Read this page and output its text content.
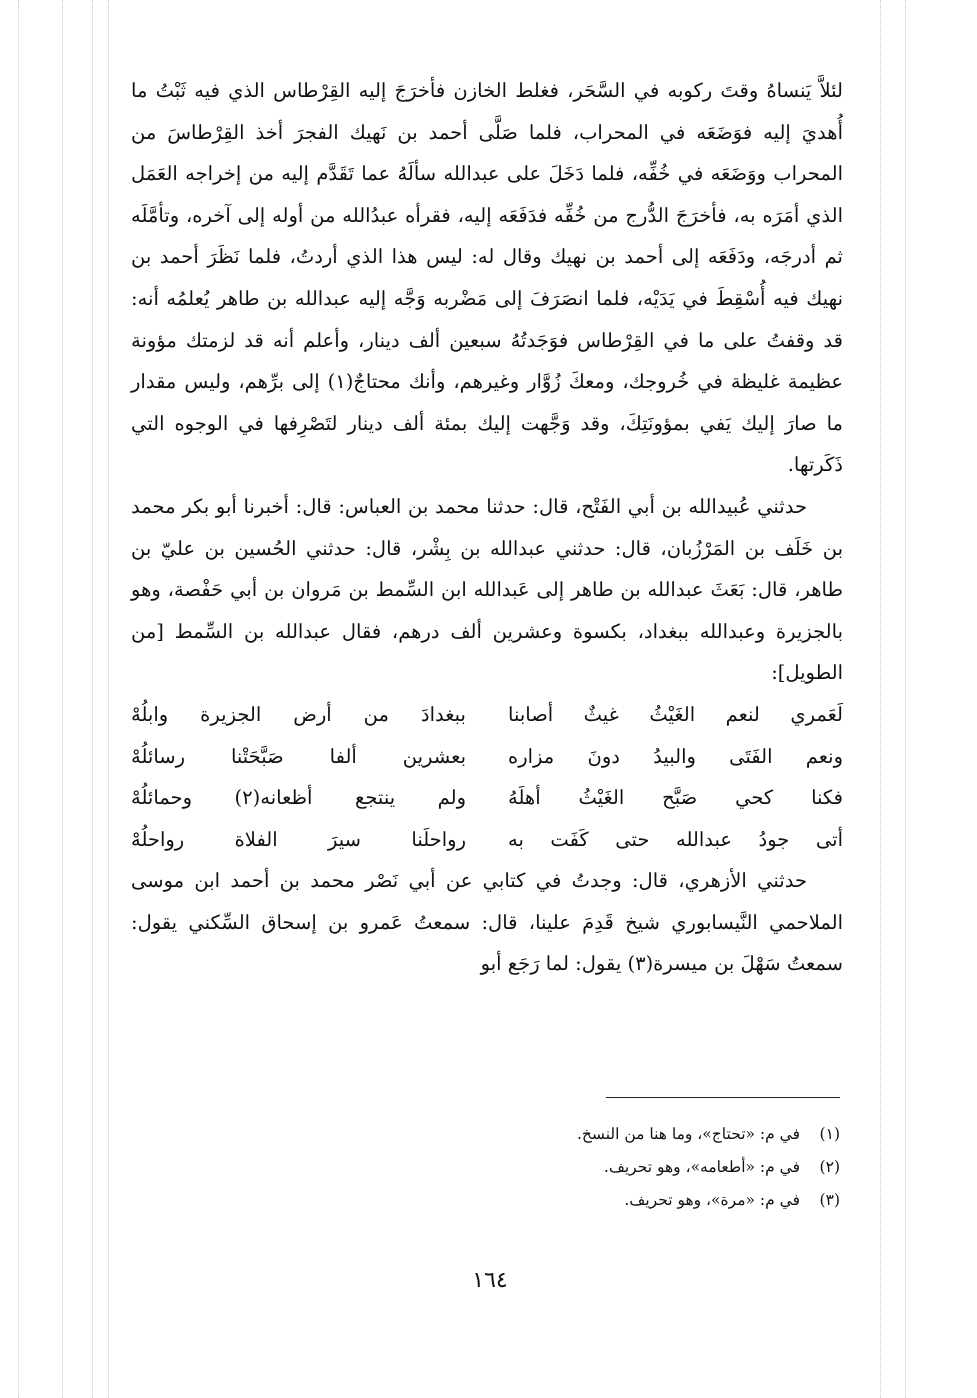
لئلاَّ يَنساهُ وقتَ ركوبه في السَّحَر، فغلط الخازن فأخرَجَ إليه القِرْطاس الذي فيه ثَبْتُ ما أُهديَ إليه فوَضَعَه في المحراب، فلما صَلَّى أحمد بن نَهيك الفجرَ أخذ القِرْطاسَ من المحراب ووَضَعَه في خُفِّه، فلما دَخَلَ على عبدالله سألَهُ عما تَقَدَّم إليه من إخراجه العَمَل الذي أمَرَه به، فأخرَجَ الدُّرج من خُفِّه فدَفَعَه إليه، فقرأه عبدُالله من أوله إلى آخره، وتأمَّلَه ثم أدرجَه، ودَفَعَه إلى أحمد بن نهيك وقال له: ليس هذا الذي أردتُ، فلما نَظَرَ أحمد بن نهيك فيه أُسْقِطَ في يَدَيْه، فلما انصَرَفَ إلى مَضْربه وَجَّه إليه عبدالله بن طاهر يُعلمُه أنه: قد وقفتُ على ما في القِرْطاس فوَجَدتُهُ سبعين ألف دينار، وأعلم أنه قد لزمتك مؤونة عظيمة غليظة في خُروجك، ومعكَ زُوَّار وغيرهم، وأنك محتاجٌ(١) إلى برِّهم، وليس مقدار ما صارَ إليك يَفي بمؤونَتِكَ، وقد وَجَّهت إليك بمئة ألف دينار لتَصْرِفها في الوجوه التي ذَكَرتها.

حدثني عُبيدالله بن أبي الفَتْح، قال: حدثنا محمد بن العباس: قال: أخبرنا أبو بكر محمد بن خَلَف بن المَرْزُبان، قال: حدثني عبدالله بن بِشْر، قال: حدثني الحُسين بن عليّ بن طاهر، قال: بَعَثَ عبدالله بن طاهر إلى عَبدالله ابن السِّمط بن مَروان بن أبي حَفْصة، وهو بالجزيرة وعبدالله ببغداد، بكسوة وعشرين ألف درهم، فقال عبدالله بن السِّمط [من الطويل]:

لَعَمري لنعم الغَيْثُ غيثٌ أصابنا
ببغدادَ من أرض الجزيرة وابلُهْ
ونعم الفَتَى والبيدُ دونَ مزاره
بعشرين ألفا صَبَّحَتْنا رسائلُهْ
فكنا كحي صَبَّح الغَيْثُ أهلَهُ
ولم ينتجع أظعانه(٢) وحمائلُهْ
أتى جودُ عبدالله حتى كَفَت به
رواحلَنا سيرَ الفلاة رواحلُهْ

حدثني الأزهري، قال: وجدتُ في كتابي عن أبي نَصْر محمد بن أحمد ابن موسى الملاحمي النَّيسابوري شيخ قَدِمَ علينا، قال: سمعتُ عَمرو بن إسحاق السِّكني يقول: سمعتُ سَهْلَ بن ميسرة(٣) يقول: لما رَجَع أبو

(١)
في م: «تحتاج»، وما هنا من النسخ.
(٢)
في م: «أطعامه»، وهو تحريف.
(٣)
في م: «مرة»، وهو تحريف.
١٦٤
